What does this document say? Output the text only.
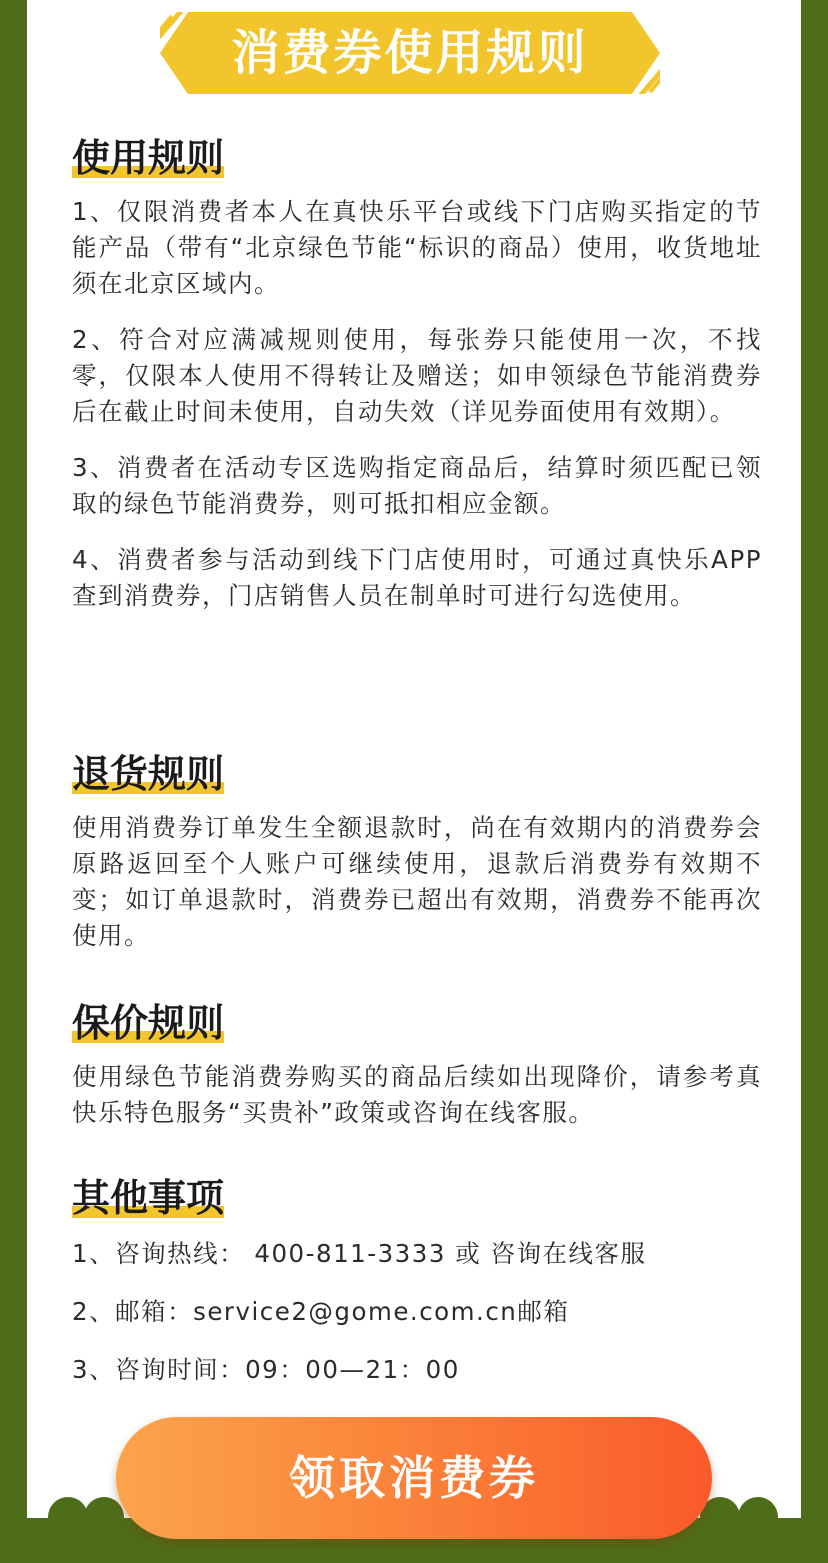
消费券使用规则
使用规则

1、仅限消费者本人在真快乐平台或线下门店购买指定的节能产品（带有“北京绿色节能“标识的商品）使用，收货地址须在北京区域内。

2、符合对应满减规则使用，每张券只能使用一次，不找零，仅限本人使用不得转让及赠送；如申领绿色节能消费券后在截止时间未使用，自动失效（详见券面使用有效期）。

3、消费者在活动专区选购指定商品后，结算时须匹配已领取的绿色节能消费券，则可抵扣相应金额。

4、消费者参与活动到线下门店使用时，可通过真快乐APP查到消费券，门店销售人员在制单时可进行勾选使用。

退货规则

使用消费券订单发生全额退款时，尚在有效期内的消费券会原路返回至个人账户可继续使用，退款后消费券有效期不变；如订单退款时，消费券已超出有效期，消费券不能再次使用。

保价规则

使用绿色节能消费券购买的商品后续如出现降价，请参考真快乐特色服务“买贵补”政策或咨询在线客服。

其他事项

1、咨询热线： 400-811-3333 或 咨询在线客服

2、邮箱：service2@gome.com.cn邮箱

3、咨询时间：09：00—21：00

领取消费券
